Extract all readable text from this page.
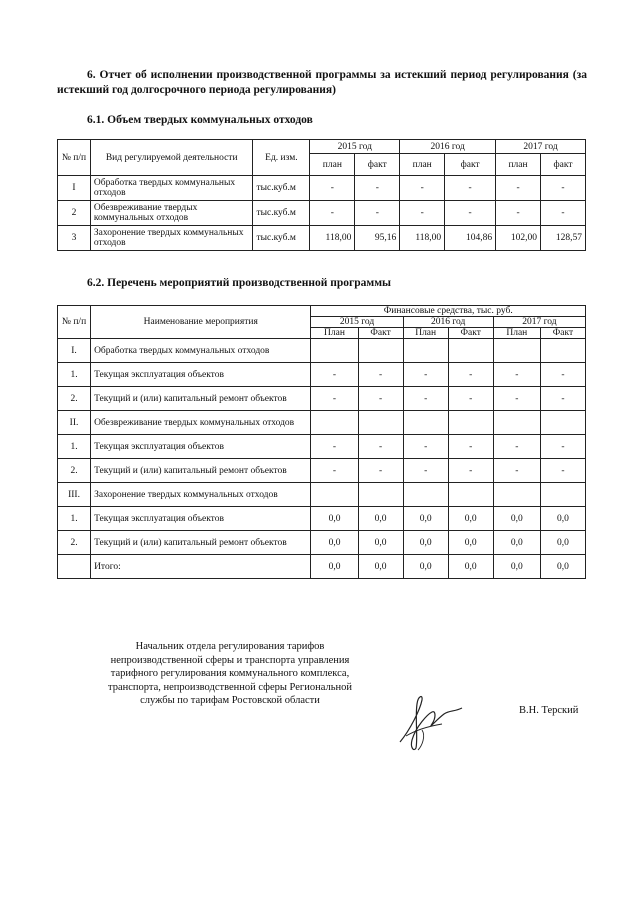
6. Отчет об исполнении производственной программы за истекший период регулирования (за истекший год долгосрочного периода регулирования)
6.1. Объем твердых коммунальных отходов
№ п/п	Вид регулируемой деятельности	Ед. изм.	2015 год		2016 год		2017 год	
			план	факт	план	факт	план	факт
I	Обработка твердых коммунальных отходов	тыс.куб.м	-	-	-	-	-	-
2	Обезвреживание твердых коммунальных отходов	тыс.куб.м	-	-	-	-	-	-
3	Захоронение твердых коммунальных отходов	тыс.куб.м	118,00	95,16	118,00	104,86	102,00	128,57
6.2. Перечень мероприятий производственной программы
№ п/п	Наименование мероприятия	Финансовые средства, тыс. руб.					
		2015 год		2016 год		2017 год	
		План	Факт	План	Факт	План	Факт
I.	Обработка твердых коммунальных отходов						
1.	Текущая эксплуатация объектов	-	-	-	-	-	-
2.	Текущий и (или) капитальный ремонт объектов	-	-	-	-	-	-
II.	Обезвреживание твердых коммунальных отходов						
1.	Текущая эксплуатация объектов	-	-	-	-	-	-
2.	Текущий и (или) капитальный ремонт объектов	-	-	-	-	-	-
III.	Захоронение твердых коммунальных отходов						
1.	Текущая эксплуатация объектов	0,0	0,0	0,0	0,0	0,0	0,0
2.	Текущий и (или) капитальный ремонт объектов	0,0	0,0	0,0	0,0	0,0	0,0
	Итого:	0,0	0,0	0,0	0,0	0,0	0,0
Начальник отдела регулирования тарифов
непроизводственной сферы и транспорта управления
тарифного регулирования коммунального комплекса,
транспорта, непроизводственной сферы Региональной
службы по тарифам Ростовской области
В.Н. Терский
